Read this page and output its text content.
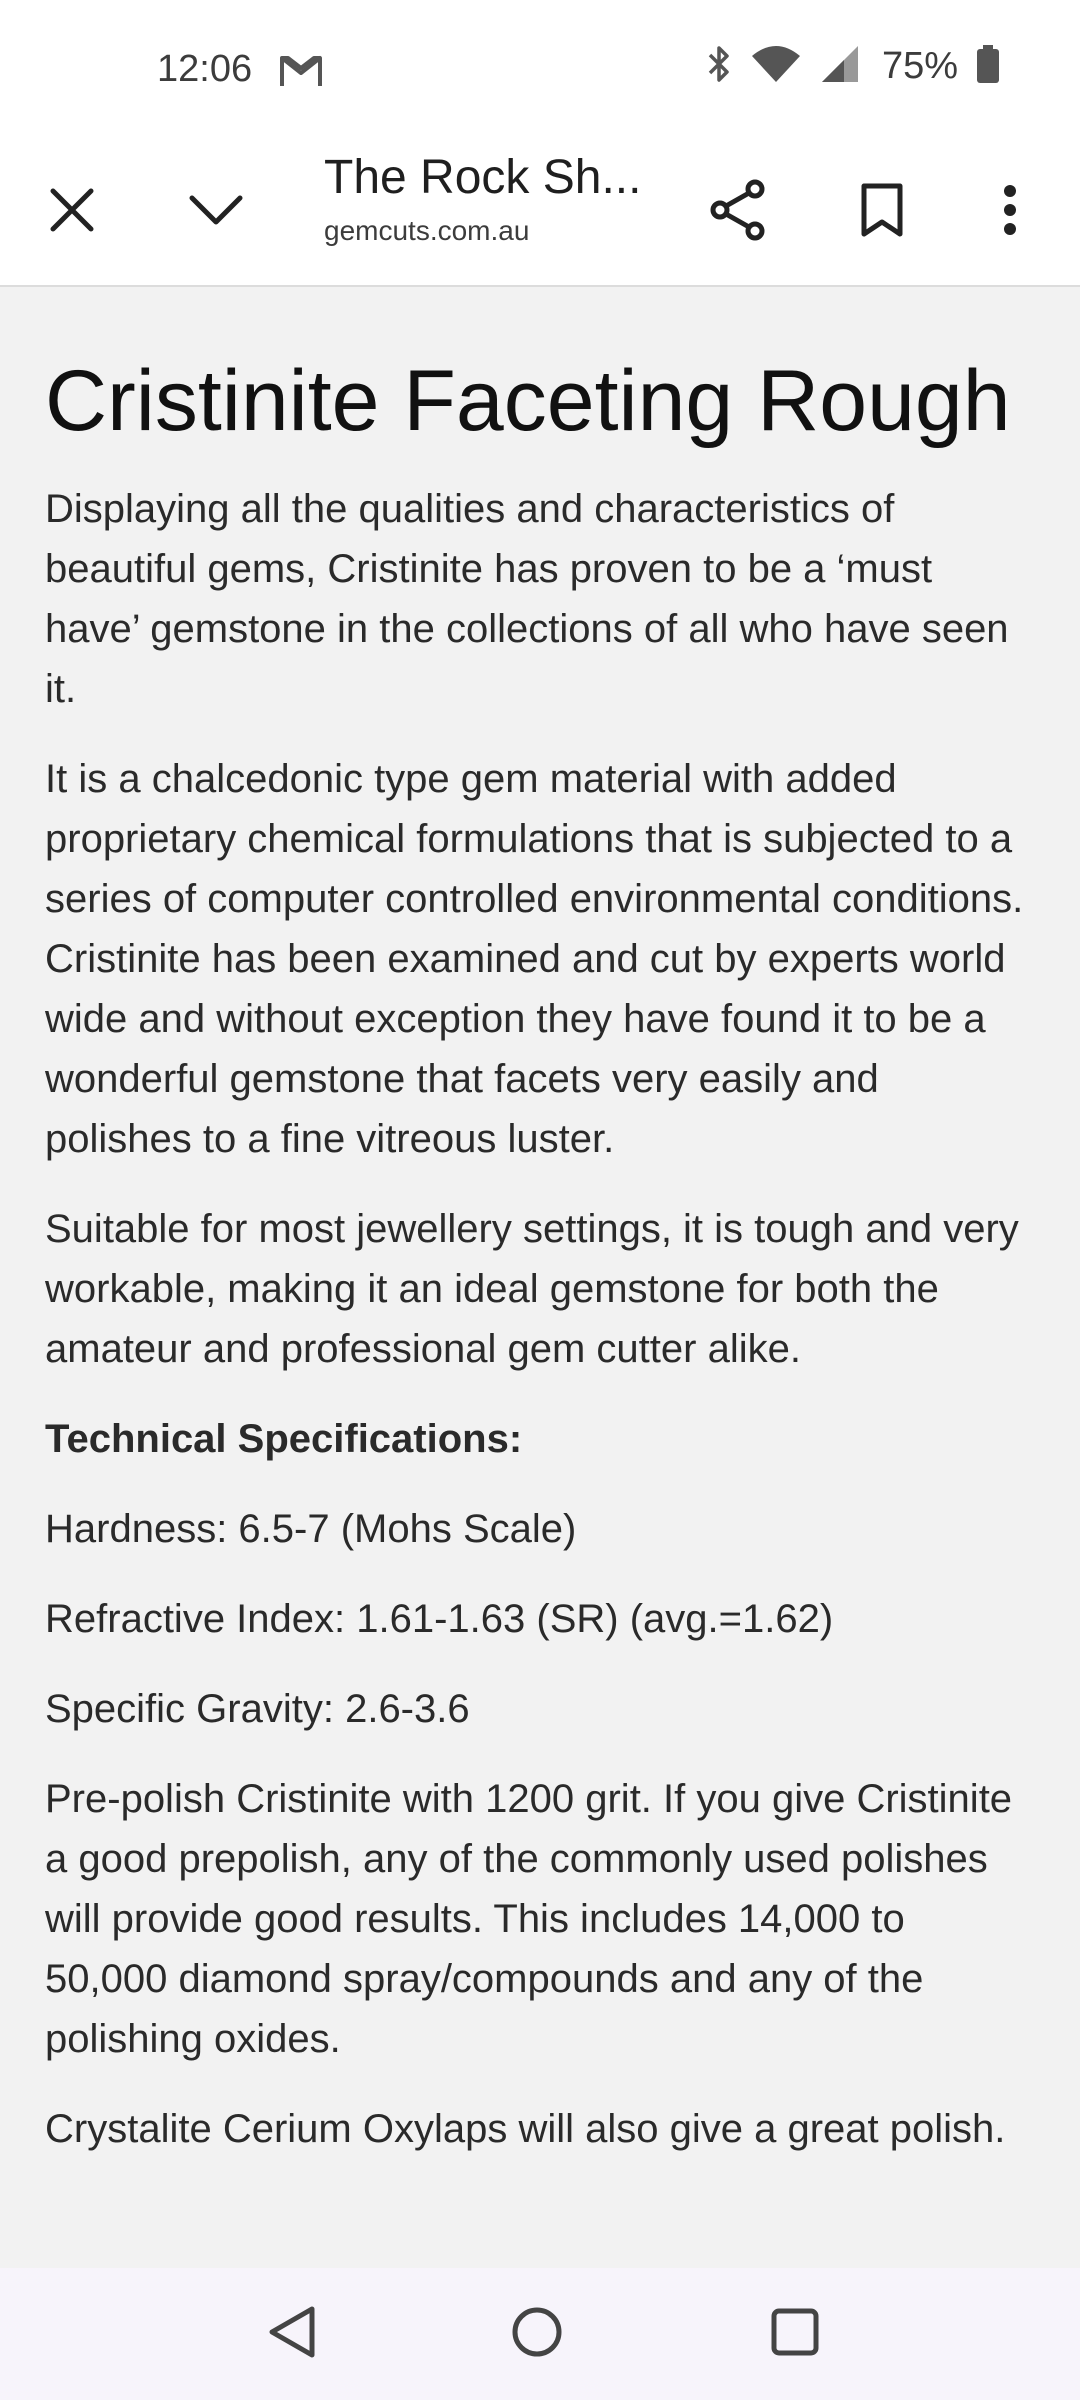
12:06	75%
The Rock Sh...
gemcuts.com.au
Cristinite Faceting Rough

Displaying all the qualities and characteristics of beautiful gems, Cristinite has proven to be a ‘must have’ gemstone in the collections of all who have seen it.

It is a chalcedonic type gem material with added proprietary chemical formulations that is subjected to a series of computer controlled environmental conditions. Cristinite has been examined and cut by experts world wide and without exception they have found it to be a wonderful gemstone that facets very easily and polishes to a fine vitreous luster.

Suitable for most jewellery settings, it is tough and very workable, making it an ideal gemstone for both the amateur and professional gem cutter alike.

Technical Specifications:

Hardness: 6.5-7 (Mohs Scale)

Refractive Index: 1.61-1.63 (SR) (avg.=1.62)

Specific Gravity: 2.6-3.6

Pre-polish Cristinite with 1200 grit. If you give Cristinite a good prepolish, any of the commonly used polishes will provide good results. This includes 14,000 to 50,000 diamond spray/compounds and any of the polishing oxides.

Crystalite Cerium Oxylaps will also give a great polish.
